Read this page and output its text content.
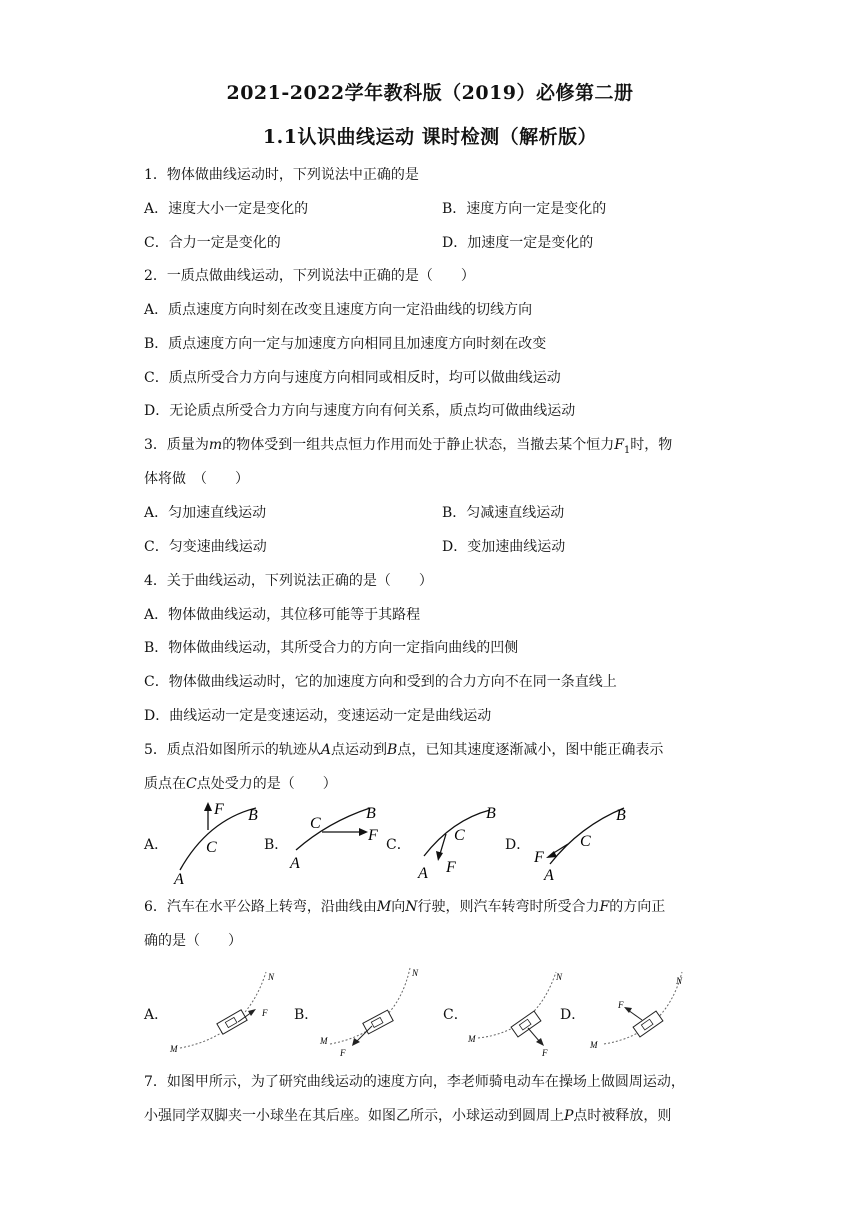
2021-2022学年教科版（2019）必修第二册
1.1认识曲线运动 课时检测（解析版）
1．物体做曲线运动时，下列说法中正确的是
A．速度大小一定是变化的	B．速度方向一定是变化的
C．合力一定是变化的	D．加速度一定是变化的
2．一质点做曲线运动，下列说法中正确的是（　　）
A．质点速度方向时刻在改变且速度方向一定沿曲线的切线方向
B．质点速度方向一定与加速度方向相同且加速度方向时刻在改变
C．质点所受合力方向与速度方向相同或相反时，均可以做曲线运动
D．无论质点所受合力方向与速度方向有何关系，质点均可做曲线运动
3．质量为m的物体受到一组共点恒力作用而处于静止状态，当撤去某个恒力$F_1$时，物
体将做　（　　）
A．匀加速直线运动	B．匀减速直线运动
C．匀变速曲线运动	D．变加速曲线运动
4．关于曲线运动，下列说法正确的是（　　）
A．物体做曲线运动，其位移可能等于其路程
B．物体做曲线运动，其所受合力的方向一定指向曲线的凹侧
C．物体做曲线运动时，它的加速度方向和受到的合力方向不在同一条直线上
D．曲线运动一定是变速运动，变速运动一定是曲线运动
5．质点沿如图所示的轨迹从A点运动到B点，已知其速度逐渐减小，图中能正确表示
质点在C点处受力的是（　　）
A．
F B
C
A
B．
F
B
C
A
C．
F
B
C
A
D．
F
B
C
A
6．汽车在水平公路上转弯，沿曲线由M向N行驶，则汽车转弯时所受合力F的方向正
确的是（　　）
A．	F
N
M
B．
F
N
M
C．
F
N
M
D．
F
N
M
7．如图甲所示，为了研究曲线运动的速度方向，李老师骑电动车在操场上做圆周运动，
小强同学双脚夹一小球坐在其后座。如图乙所示，小球运动到圆周上P点时被释放，则
